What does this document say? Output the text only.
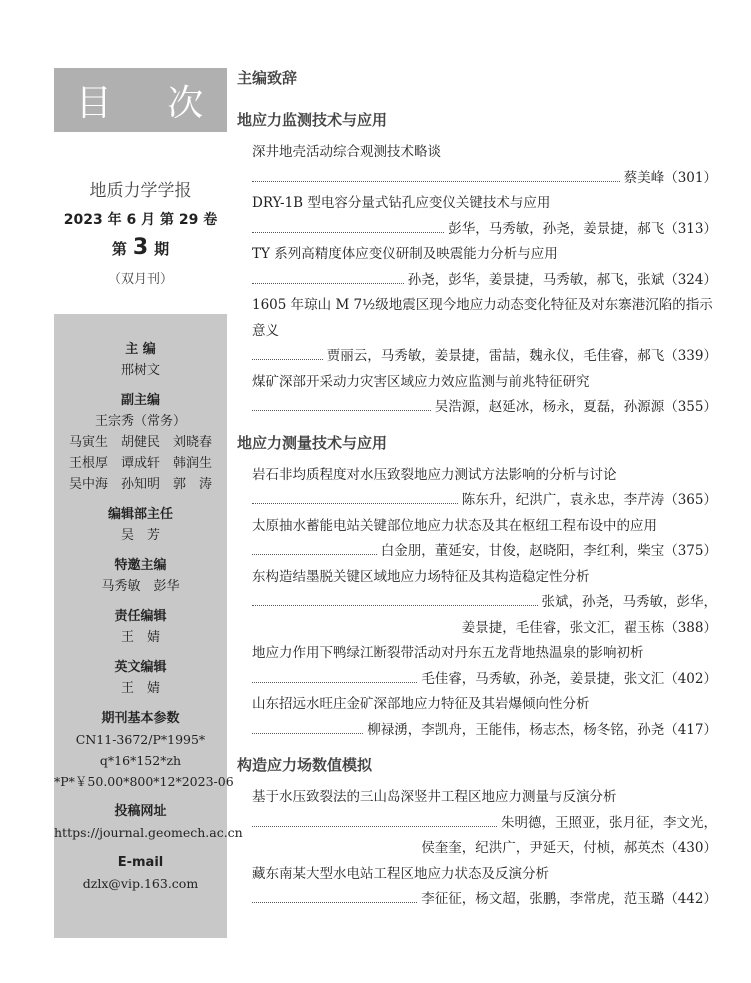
目 次
地质力学学报
2023 年 6 月 第 29 卷
第 3 期
（双月刊）
主 编
邢树文
副主编
王宗秀（常务）
马寅生　胡健民　刘晓春
王根厚　谭成轩　韩润生
吴中海　孙知明　郭　涛
编辑部主任
吴　芳
特邀主编
马秀敏　彭华
责任编辑
王　婧
英文编辑
王　婧
期刊基本参数
CN11-3672/P*1995*
q*16*152*zh
*P*￥50.00*800*12*2023-06
投稿网址
https://journal.geomech.ac.cn
E-mail
dzlx@vip.163.com
主编致辞
地应力监测技术与应用
深井地壳活动综合观测技术略谈
蔡美峰（301）
DRY-1B 型电容分量式钻孔应变仪关键技术与应用
彭华，马秀敏，孙尧，姜景捷，郝飞（313）
TY 系列高精度体应变仪研制及映震能力分析与应用
孙尧，彭华，姜景捷，马秀敏，郝飞，张斌（324）
1605 年琼山 M 7½级地震区现今地应力动态变化特征及对东寨港沉陷的指示意义
贾丽云，马秀敏，姜景捷，雷喆，魏永仪，毛佳睿，郝飞（339）
煤矿深部开采动力灾害区域应力效应监测与前兆特征研究
吴浩源，赵延冰，杨永，夏磊，孙源源（355）
地应力测量技术与应用
岩石非均质程度对水压致裂地应力测试方法影响的分析与讨论
陈东升，纪洪广，袁永忠，李芹涛（365）
太原抽水蓄能电站关键部位地应力状态及其在枢纽工程布设中的应用
白金朋，董延安，甘俊，赵晓阳，李红利，柴宝（375）
东构造结墨脱关键区域地应力场特征及其构造稳定性分析
张斌，孙尧，马秀敏，彭华，
姜景捷，毛佳睿，张文汇，翟玉栋（388）
地应力作用下鸭绿江断裂带活动对丹东五龙背地热温泉的影响初析
毛佳睿，马秀敏，孙尧，姜景捷，张文汇（402）
山东招远水旺庄金矿深部地应力特征及其岩爆倾向性分析
柳禄湧，李凯舟，王能伟，杨志杰，杨冬铭，孙尧（417）
构造应力场数值模拟
基于水压致裂法的三山岛深竖井工程区地应力测量与反演分析
朱明德，王照亚，张月征，李文光，
侯奎奎，纪洪广，尹延天，付桢，郝英杰（430）
藏东南某大型水电站工程区地应力状态及反演分析
李征征，杨文超，张鹏，李常虎，范玉璐（442）
